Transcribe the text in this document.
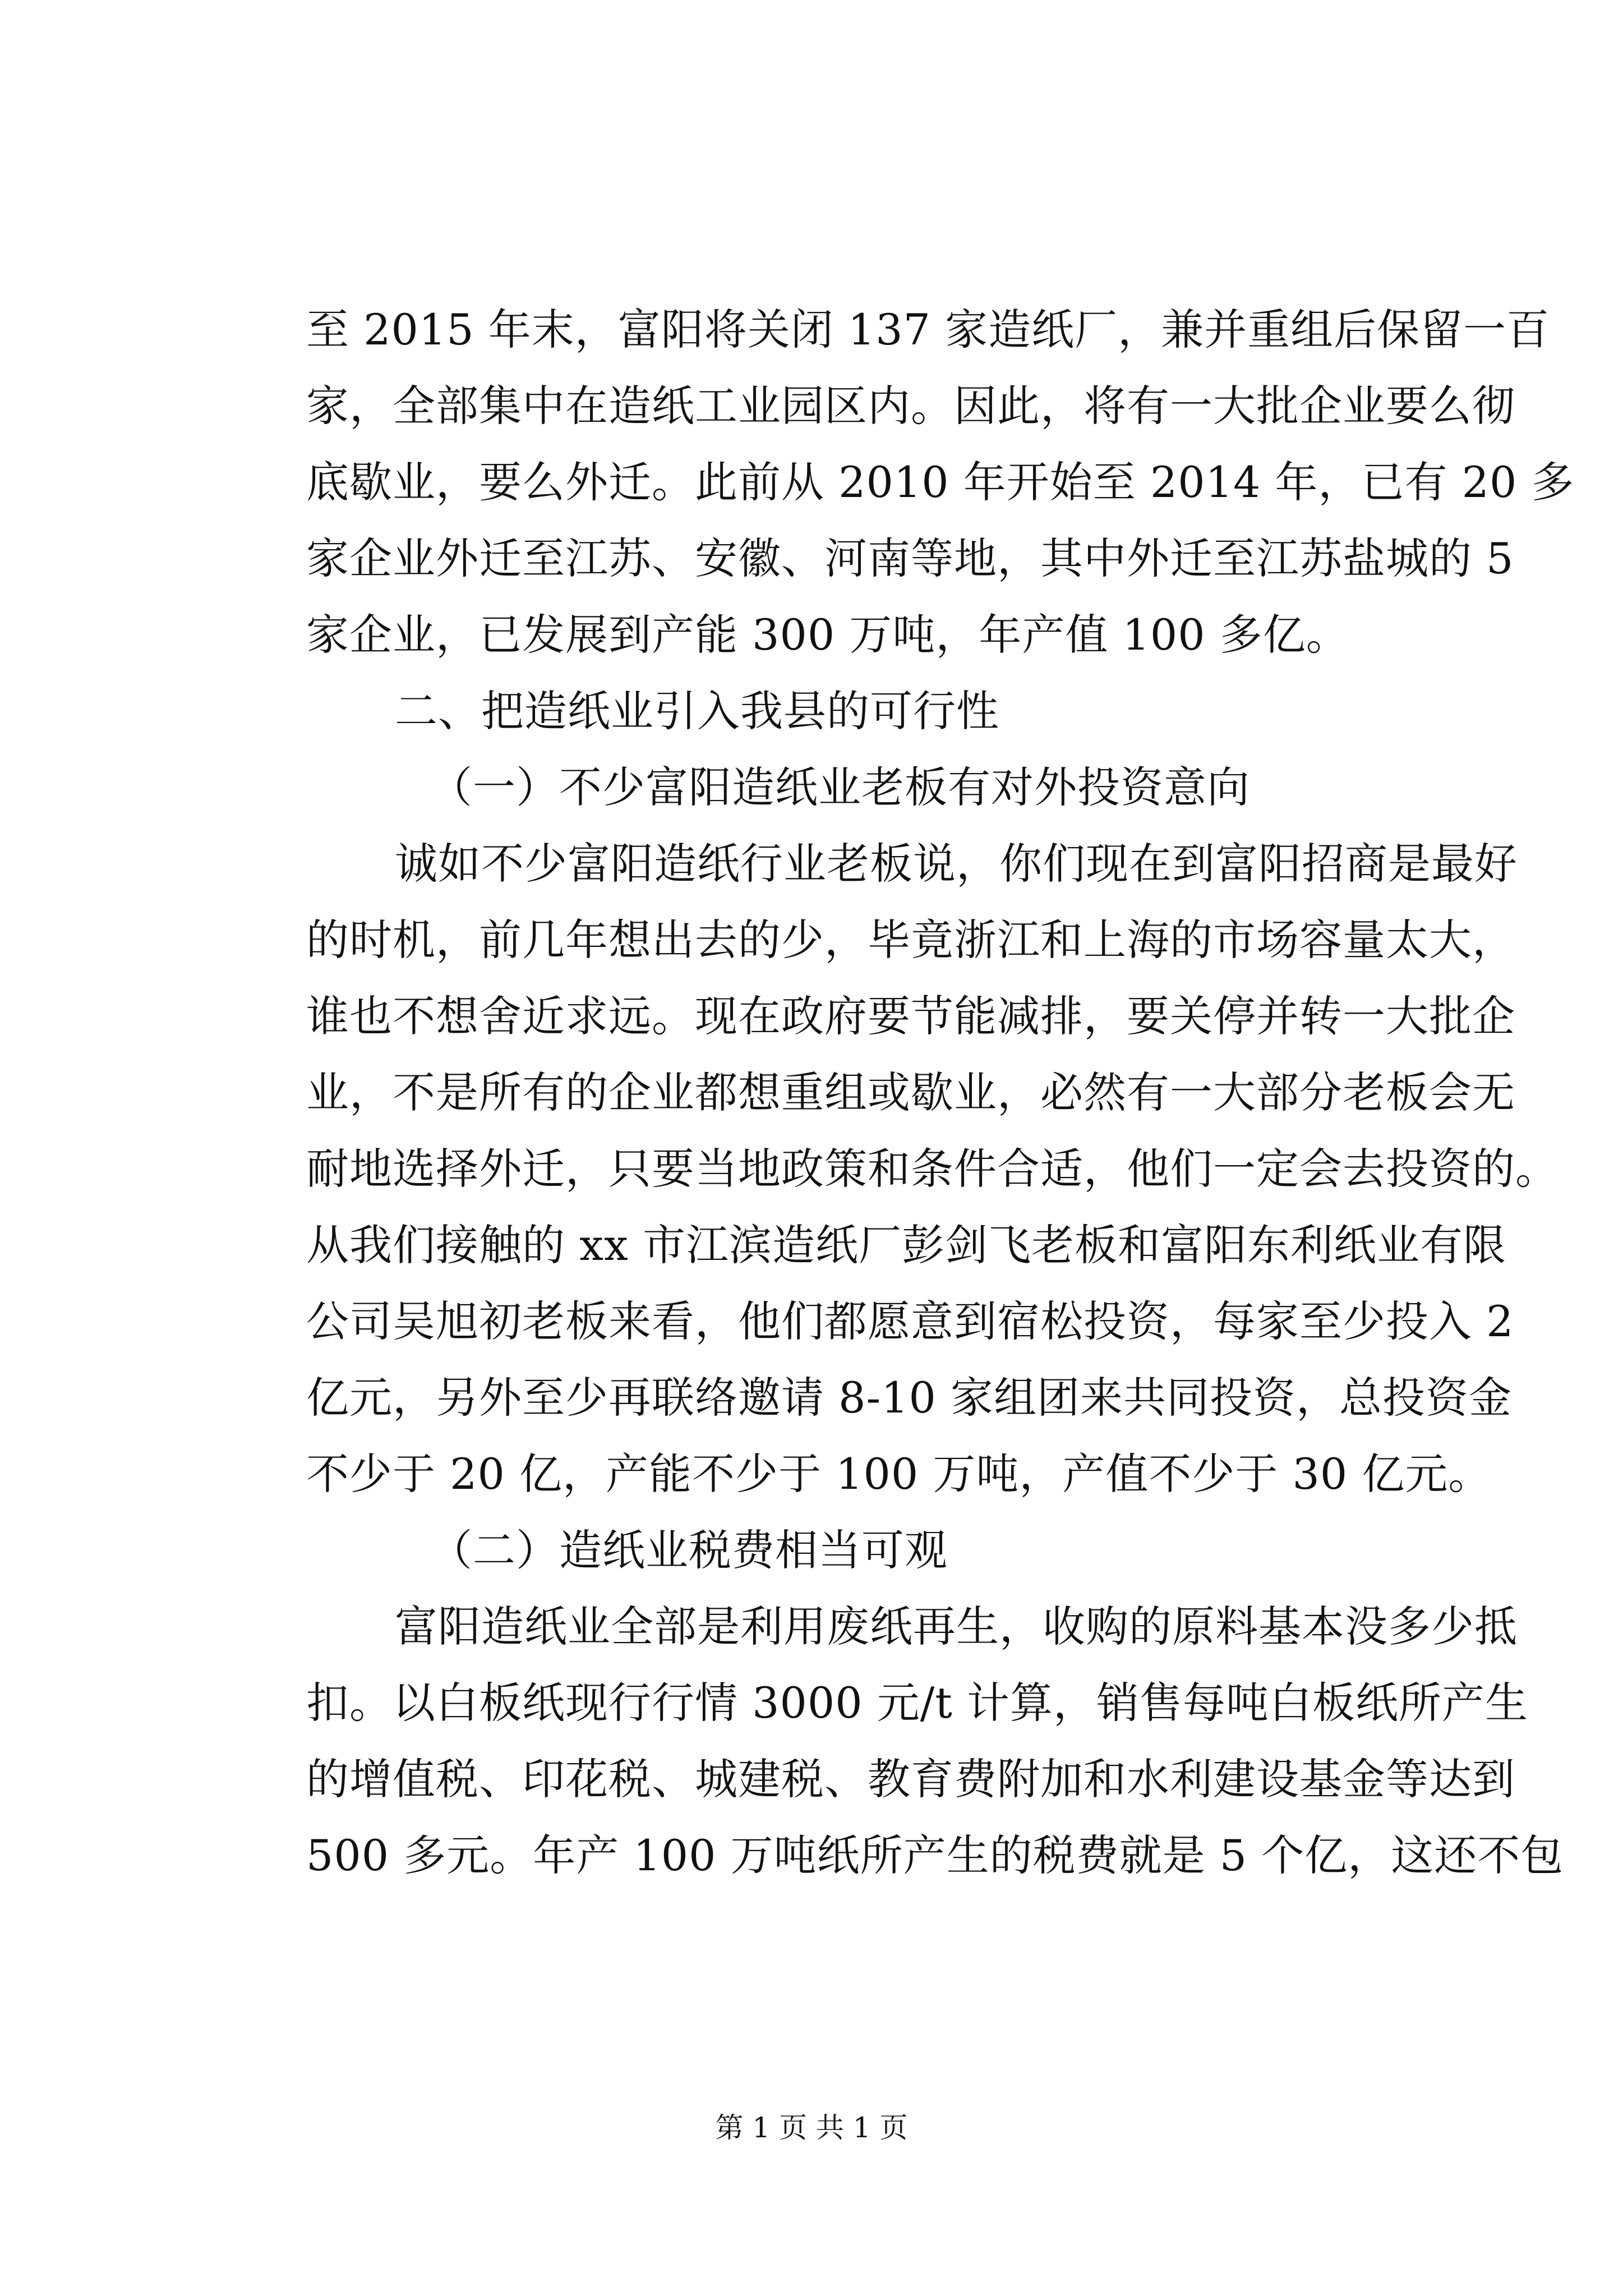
至 2015 年末，富阳将关闭 137 家造纸厂，兼并重组后保留一百
家，全部集中在造纸工业园区内。因此，将有一大批企业要么彻
底歇业，要么外迁。此前从 2010 年开始至 2014 年，已有 20 多
家企业外迁至江苏、安徽、河南等地，其中外迁至江苏盐城的 5
家企业，已发展到产能 300 万吨，年产值 100 多亿。
二、把造纸业引入我县的可行性
（一）不少富阳造纸业老板有对外投资意向
诚如不少富阳造纸行业老板说，你们现在到富阳招商是最好
的时机，前几年想出去的少，毕竟浙江和上海的市场容量太大，
谁也不想舍近求远。现在政府要节能减排，要关停并转一大批企
业，不是所有的企业都想重组或歇业，必然有一大部分老板会无
耐地选择外迁，只要当地政策和条件合适，他们一定会去投资的。
从我们接触的 xx 市江滨造纸厂彭剑飞老板和富阳东利纸业有限
公司吴旭初老板来看，他们都愿意到宿松投资，每家至少投入 2
亿元，另外至少再联络邀请 8-10 家组团来共同投资，总投资金
不少于 20 亿，产能不少于 100 万吨，产值不少于 30 亿元。
（二）造纸业税费相当可观
富阳造纸业全部是利用废纸再生，收购的原料基本没多少抵
扣。以白板纸现行行情 3000 元/t 计算，销售每吨白板纸所产生
的增值税、印花税、城建税、教育费附加和水利建设基金等达到
500 多元。年产 100 万吨纸所产生的税费就是 5 个亿，这还不包
第 1 页 共 1 页
